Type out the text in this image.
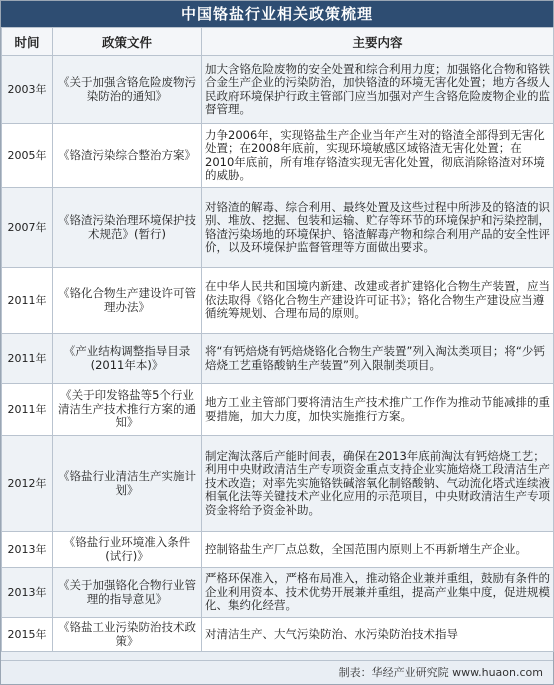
中国铬盐行业相关政策梳理
时间	政策文件	主要内容
2003年	《关于加强含铬危险废物污染防治的通知》	加大含铬危险废物的安全处置和综合利用力度；加强铬化合物和铬铁合金生产企业的污染防治，加快铬渣的环境无害化处置；地方各级人民政府环境保护行政主管部门应当加强对产生含铬危险废物企业的监督管理。
2005年	《铬渣污染综合整治方案》	力争2006年，实现铬盐生产企业当年产生对的铬渣全部得到无害化处置；在2008年底前，实现环境敏感区域铬渣无害化处置；在2010年底前，所有堆存铬渣实现无害化处置，彻底消除铬渣对环境的威胁。
2007年	《铬渣污染治理环境保护技术规范》(暂行)	对铬渣的解毒、综合利用、最终处置及这些过程中所涉及的铬渣的识别、堆放、挖掘、包装和运输、贮存等环节的环境保护和污染控制，铬渣污染场地的环境保护、铬渣解毒产物和综合利用产品的安全性评价，以及环境保护监督管理等方面做出要求。
2011年	《铬化合物生产建设许可管理办法》	在中华人民共和国境内新建、改建或者扩建铬化合物生产装置，应当依法取得《铬化合物生产建设许可证书》；铬化合物生产建设应当遵循统筹规划、合理布局的原则。
2011年	《产业结构调整指导目录(2011年本)》	将“有钙焙烧有钙焙烧铬化合物生产装置”列入淘汰类项目；将“少钙焙烧工艺重铬酸钠生产装置”列入限制类项目。
2011年	《关于印发铬盐等5个行业清洁生产技术推行方案的通知》	地方工业主管部门要将清洁生产技术推广工作作为推动节能减排的重要措施，加大力度，加快实施推行方案。
2012年	《铬盐行业清洁生产实施计划》	制定淘汰落后产能时间表，确保在2013年底前淘汰有钙焙烧工艺；利用中央财政清洁生产专项资金重点支持企业实施焙烧工段清洁生产技术改造；对率先实施铬铁碱溶氧化制铬酸钠、气动流化塔式连续液相氧化法等关键技术产业化应用的示范项目，中央财政清洁生产专项资金将给予资金补助。
2013年	《铬盐行业环境准入条件(试行)》	控制铬盐生产厂点总数，全国范围内原则上不再新增生产企业。
2013年	《关于加强铬化合物行业管理的指导意见》	严格环保准入，严格布局准入，推动铬企业兼并重组，鼓励有条件的企业利用资本、技术优势开展兼并重组，提高产业集中度，促进规模化、集约化经营。
2015年	《铬盐工业污染防治技术政策》	对清洁生产、大气污染防治、水污染防治技术指导
制表：华经产业研究院 www.huaon.com
